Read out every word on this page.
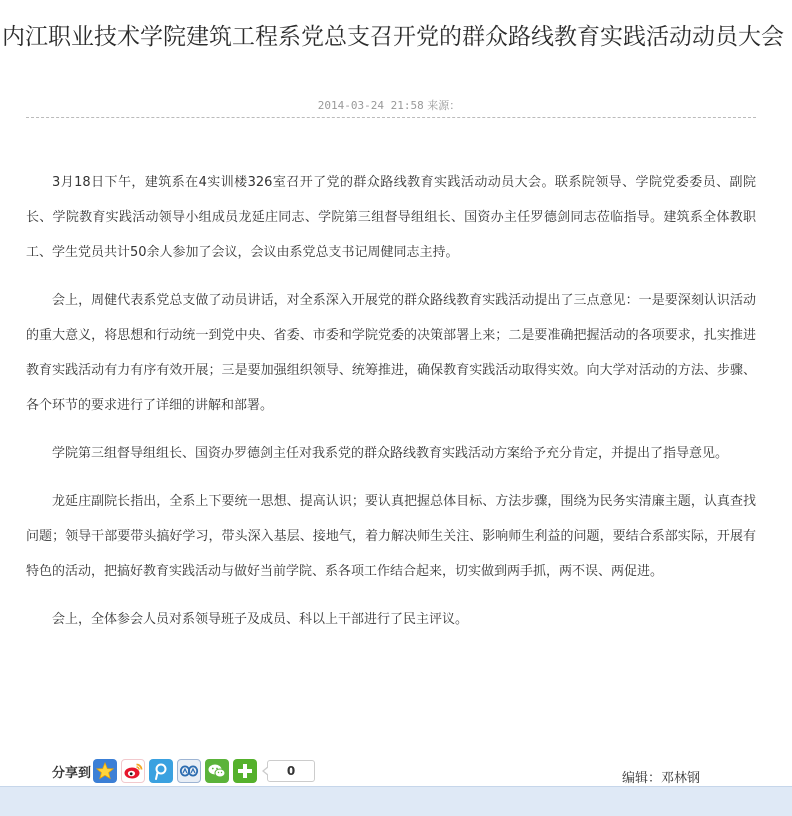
内江职业技术学院建筑工程系党总支召开党的群众路线教育实践活动动员大会
2014-03-24 21:58 来源：

3月18日下午，建筑系在4实训楼326室召开了党的群众路线教育实践活动动员大会。联系院领导、学院党委委员、副院长、学院教育实践活动领导小组成员龙延庄同志、学院第三组督导组组长、国资办主任罗德剑同志莅临指导。建筑系全体教职工、学生党员共计50余人参加了会议，会议由系党总支书记周健同志主持。

会上，周健代表系党总支做了动员讲话，对全系深入开展党的群众路线教育实践活动提出了三点意见：一是要深刻认识活动的重大意义，将思想和行动统一到党中央、省委、市委和学院党委的决策部署上来；二是要准确把握活动的各项要求，扎实推进教育实践活动有力有序有效开展；三是要加强组织领导、统筹推进，确保教育实践活动取得实效。向大学对活动的方法、步骤、各个环节的要求进行了详细的讲解和部署。

学院第三组督导组组长、国资办罗德剑主任对我系党的群众路线教育实践活动方案给予充分肯定，并提出了指导意见。

龙延庄副院长指出，全系上下要统一思想、提高认识；要认真把握总体目标、方法步骤，围绕为民务实清廉主题，认真查找问题；领导干部要带头搞好学习，带头深入基层、接地气，着力解决师生关注、影响师生利益的问题，要结合系部实际，开展有特色的活动，把搞好教育实践活动与做好当前学院、系各项工作结合起来，切实做到两手抓，两不误、两促进。

会上，全体参会人员对系领导班子及成员、科以上干部进行了民主评议。

分享到	0	编辑：邓林钢
